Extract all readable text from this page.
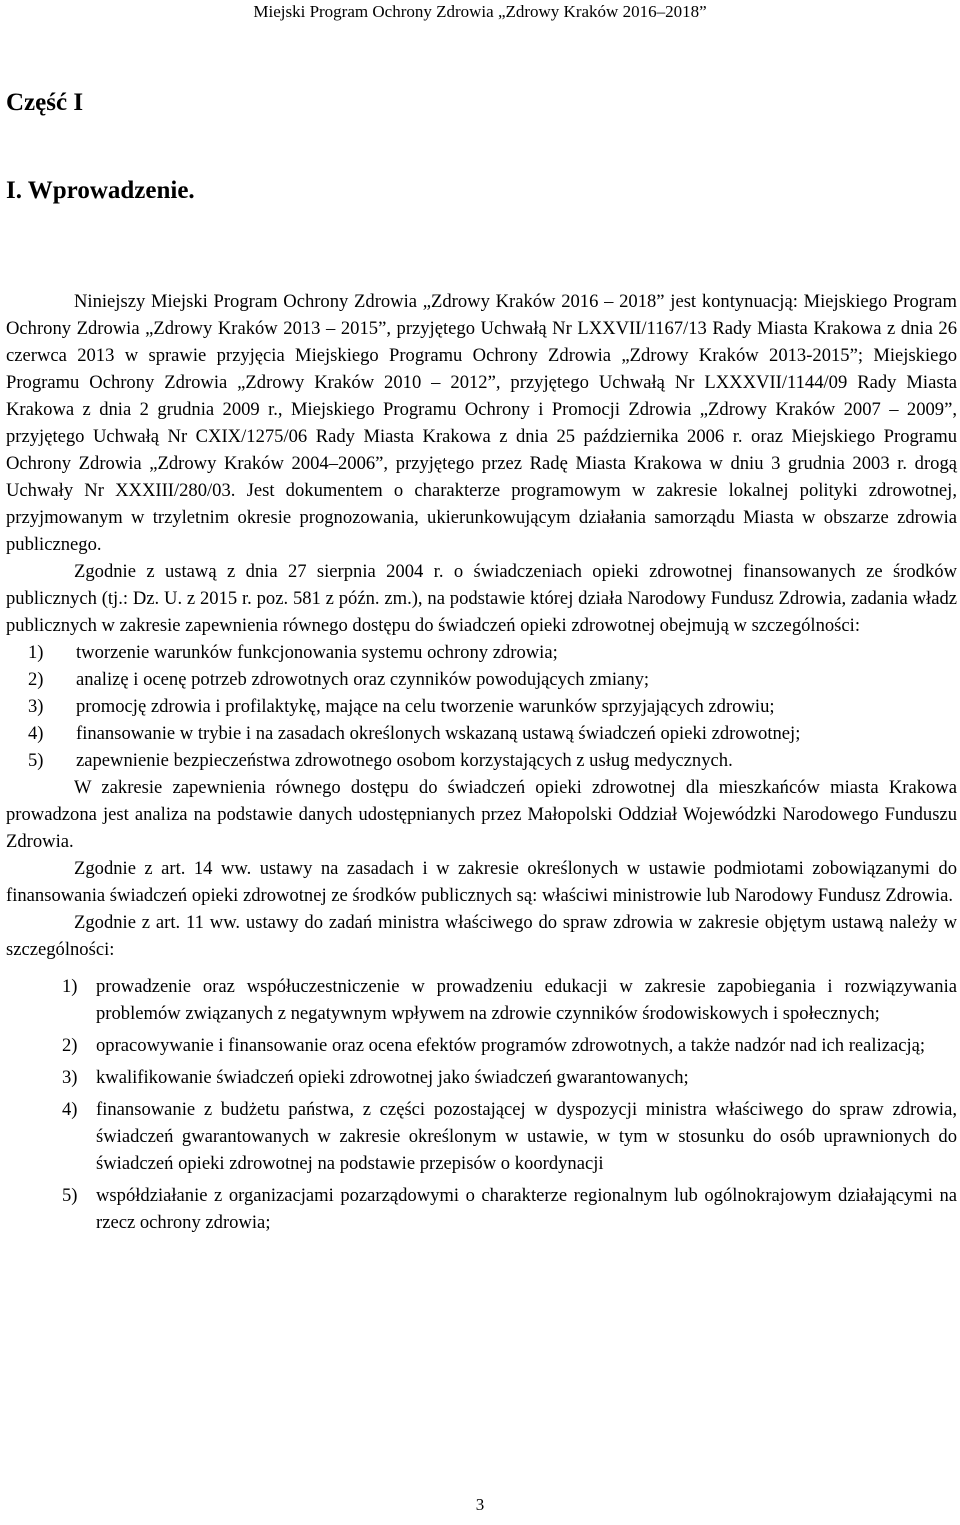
Miejski Program Ochrony Zdrowia „Zdrowy Kraków 2016–2018”
Część I
I. Wprowadzenie.

Niniejszy Miejski Program Ochrony Zdrowia „Zdrowy Kraków 2016 – 2018” jest kontynuacją: Miejskiego Program Ochrony Zdrowia „Zdrowy Kraków 2013 – 2015”, przyjętego Uchwałą Nr LXXVII/1167/13 Rady Miasta Krakowa z dnia 26 czerwca 2013 w sprawie przyjęcia Miejskiego Programu Ochrony Zdrowia „Zdrowy Kraków 2013-2015”; Miejskiego Programu Ochrony Zdrowia „Zdrowy Kraków 2010 – 2012”, przyjętego Uchwałą Nr LXXXVII/1144/09 Rady Miasta Krakowa z dnia 2 grudnia 2009 r., Miejskiego Programu Ochrony i Promocji Zdrowia „Zdrowy Kraków 2007 – 2009”, przyjętego Uchwałą Nr CXIX/1275/06 Rady Miasta Krakowa z dnia 25 października 2006 r. oraz Miejskiego Programu Ochrony Zdrowia „Zdrowy Kraków 2004–2006”, przyjętego przez Radę Miasta Krakowa w dniu 3 grudnia 2003 r. drogą Uchwały Nr XXXIII/280/03. Jest dokumentem o charakterze programowym w zakresie lokalnej polityki zdrowotnej, przyjmowanym w trzyletnim okresie prognozowania, ukierunkowującym działania samorządu Miasta w obszarze zdrowia publicznego.

Zgodnie z ustawą z dnia 27 sierpnia 2004 r. o świadczeniach opieki zdrowotnej finansowanych ze środków publicznych (tj.: Dz. U. z 2015 r. poz. 581 z późn. zm.), na podstawie której działa Narodowy Fundusz Zdrowia, zadania władz publicznych w zakresie zapewnienia równego dostępu do świadczeń opieki zdrowotnej obejmują w szczególności:

1) tworzenie warunków funkcjonowania systemu ochrony zdrowia;
2) analizę i ocenę potrzeb zdrowotnych oraz czynników powodujących zmiany;
3) promocję zdrowia i profilaktykę, mające na celu tworzenie warunków sprzyjających zdrowiu;
4) finansowanie w trybie i na zasadach określonych wskazaną ustawą świadczeń opieki zdrowotnej;
5) zapewnienie bezpieczeństwa zdrowotnego osobom korzystających z usług medycznych.

W zakresie zapewnienia równego dostępu do świadczeń opieki zdrowotnej dla mieszkańców miasta Krakowa prowadzona jest analiza na podstawie danych udostępnianych przez Małopolski Oddział Wojewódzki Narodowego Funduszu Zdrowia.

Zgodnie z art. 14 ww. ustawy na zasadach i w zakresie określonych w ustawie podmiotami zobowiązanymi do finansowania świadczeń opieki zdrowotnej ze środków publicznych są: właściwi ministrowie lub Narodowy Fundusz Zdrowia.

Zgodnie z art. 11 ww. ustawy do zadań ministra właściwego do spraw zdrowia w zakresie objętym ustawą należy w szczególności:

1) prowadzenie oraz współuczestniczenie w prowadzeniu edukacji w zakresie zapobiegania i rozwiązywania problemów związanych z negatywnym wpływem na zdrowie czynników środowiskowych i społecznych;
2) opracowywanie i finansowanie oraz ocena efektów programów zdrowotnych, a także nadzór nad ich realizacją;
3) kwalifikowanie świadczeń opieki zdrowotnej jako świadczeń gwarantowanych;
4) finansowanie z budżetu państwa, z części pozostającej w dyspozycji ministra właściwego do spraw zdrowia, świadczeń gwarantowanych w zakresie określonym w ustawie, w tym w stosunku do osób uprawnionych do świadczeń opieki zdrowotnej na podstawie przepisów o koordynacji
5) współdziałanie z organizacjami pozarządowymi o charakterze regionalnym lub ogólnokrajowym działającymi na rzecz ochrony zdrowia;
3
